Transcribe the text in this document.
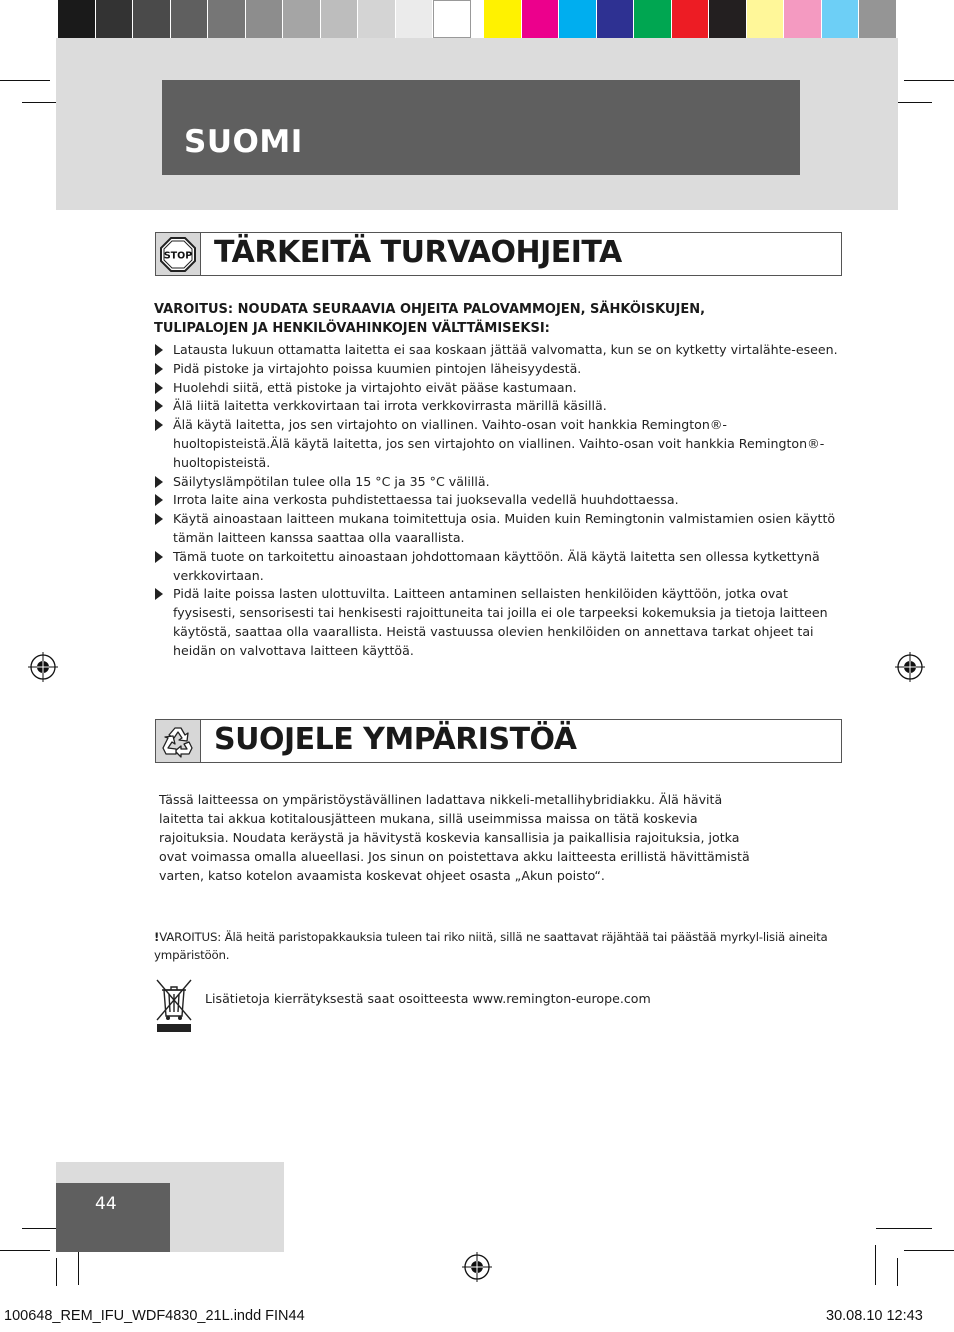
SUOMI
STOP TÄRKEITÄ TURVAOHJEITA
VAROITUS: NOUDATA SEURAAVIA OHJEITA PALOVAMMOJEN, SÄHKÖISKUJEN,
TULIPALOJEN JA HENKILÖVAHINKOJEN VÄLTTÄMISEKSI:
Latausta lukuun ottamatta laitetta ei saa koskaan jättää valvomatta, kun se on kytketty virtalähte-eseen.
Pidä pistoke ja virtajohto poissa kuumien pintojen läheisyydestä.
Huolehdi siitä, että pistoke ja virtajohto eivät pääse kastumaan.
Älä liitä laitetta verkkovirtaan tai irrota verkkovirrasta märillä käsillä.
Älä käytä laitetta, jos sen virtajohto on viallinen. Vaihto-osan voit hankkia Remington®-huoltopisteistä.Älä käytä laitetta, jos sen virtajohto on viallinen. Vaihto-osan voit hankkia Remington®-huoltopisteistä.
Säilytyslämpötilan tulee olla 15 °C ja 35 °C välillä.
Irrota laite aina verkosta puhdistettaessa tai juoksevalla vedellä huuhdottaessa.
Käytä ainoastaan laitteen mukana toimitettuja osia. Muiden kuin Remingtonin valmistamien osien käyttö tämän laitteen kanssa saattaa olla vaarallista.
Tämä tuote on tarkoitettu ainoastaan johdottomaan käyttöön. Älä käytä laitetta sen ollessa kytkettynä verkkovirtaan.
Pidä laite poissa lasten ulottuvilta. Laitteen antaminen sellaisten henkilöiden käyttöön, jotka ovat fyysisesti, sensorisesti tai henkisesti rajoittuneita tai joilla ei ole tarpeeksi kokemuksia ja tietoja laitteen käytöstä, saattaa olla vaarallista. Heistä vastuussa olevien henkilöiden on annettava tarkat ohjeet tai heidän on valvottava laitteen käyttöä.
SUOJELE YMPÄRISTÖÄ
Tässä laitteessa on ympäristöystävällinen ladattava nikkeli-metallihybridiakku. Älä hävitä laitetta tai akkua kotitalousjätteen mukana, sillä useimmissa maissa on tätä koskevia rajoituksia. Noudata keräystä ja hävitystä koskevia kansallisia ja paikallisia rajoituksia, jotka ovat voimassa omalla alueellasi. Jos sinun on poistettava akku laitteesta erillistä hävittämistä varten, katso kotelon avaamista koskevat ohjeet osasta „Akun poisto“.
!VAROITUS: Älä heitä paristopakkauksia tuleen tai riko niitä, sillä ne saattavat räjähtää tai päästää myrkyl-lisiä aineita ympäristöön.
Lisätietoja kierrätyksestä saat osoitteesta www.remington-europe.com
44
100648_REM_IFU_WDF4830_21L.indd FIN44	30.08.10 12:43
